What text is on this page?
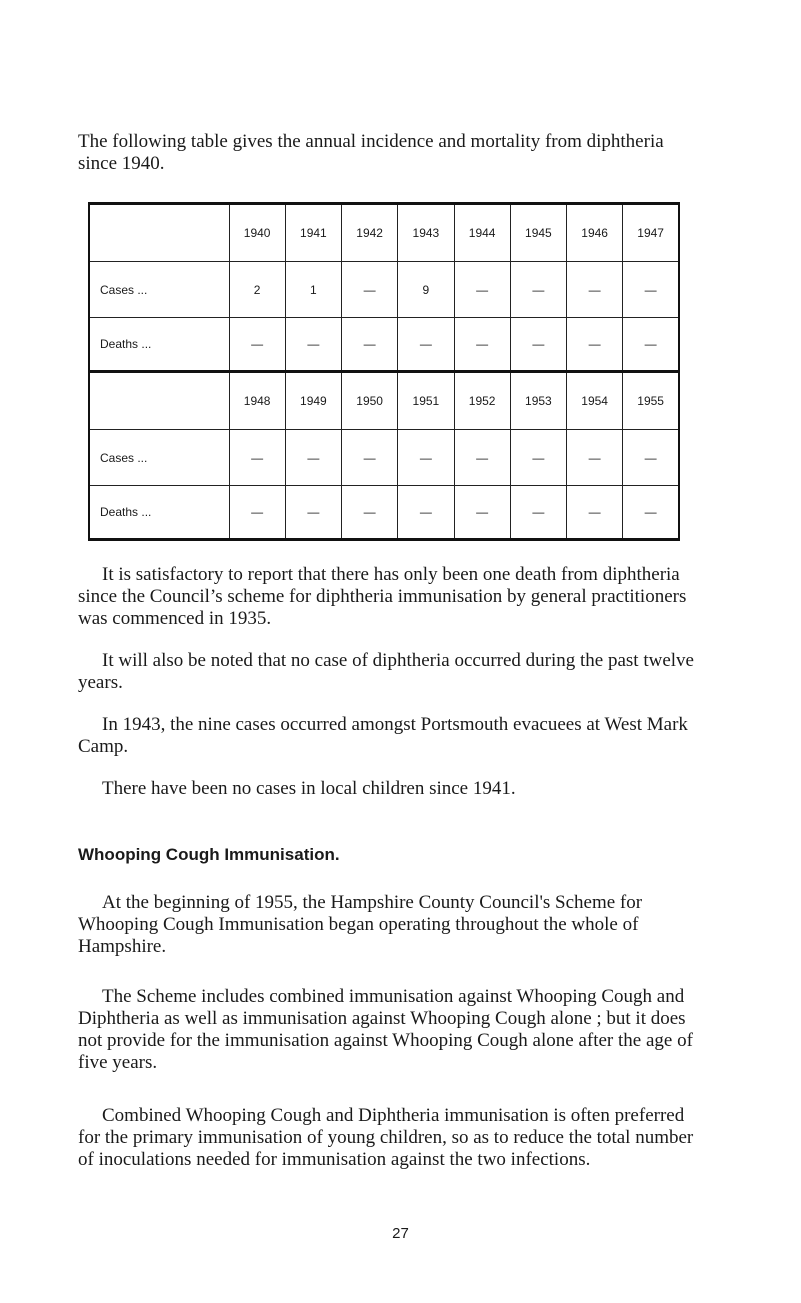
The following table gives the annual incidence and mortality from diphtheria since 1940.

	1940	1941	1942	1943	1944	1945	1946	1947
Cases ...	2	1	—	9	—	—	—	—
Deaths ...	—	—	—	—	—	—	—	—
	1948	1949	1950	1951	1952	1953	1954	1955
Cases ...	—	—	—	—	—	—	—	—
Deaths ...	—	—	—	—	—	—	—	—

It is satisfactory to report that there has only been one death from diphtheria since the Council’s scheme for diphtheria immunisation by general practitioners was commenced in 1935.

It will also be noted that no case of diphtheria occurred during the past twelve years.

In 1943, the nine cases occurred amongst Portsmouth evacuees at West Mark Camp.

There have been no cases in local children since 1941.

Whooping Cough Immunisation.

At the beginning of 1955, the Hampshire County Council's Scheme for Whooping Cough Immunisation began operating throughout the whole of Hampshire.

The Scheme includes combined immunisation against Whooping Cough and Diphtheria as well as immunisation against Whooping Cough alone ; but it does not provide for the immunisation against Whooping Cough alone after the age of five years.

Combined Whooping Cough and Diphtheria immunisation is often preferred for the primary immunisation of young children, so as to reduce the total number of inoculations needed for immunisation against the two infections.

27
